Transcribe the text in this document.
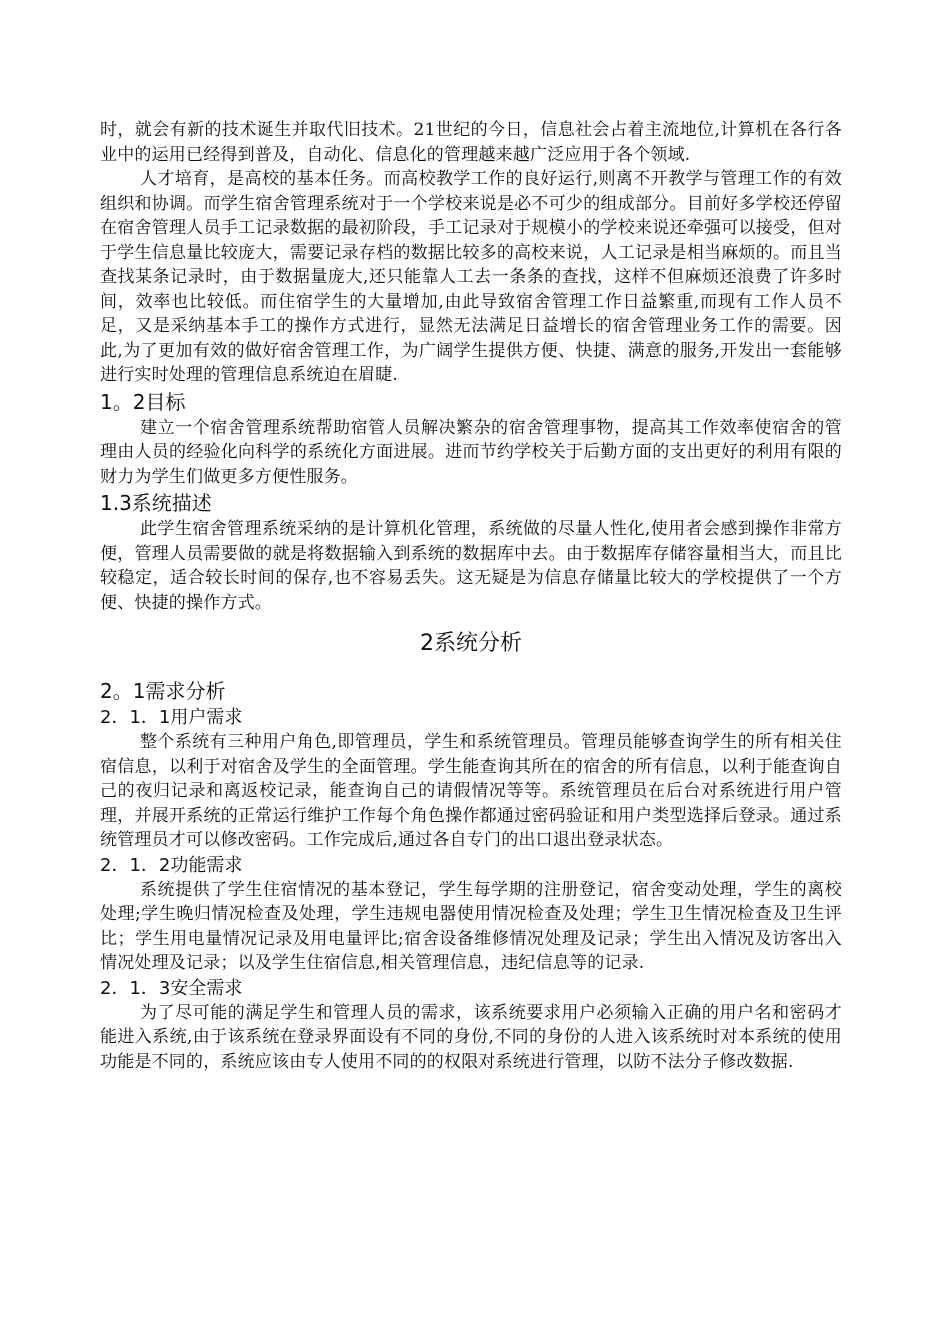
时，就会有新的技术诞生并取代旧技术。21世纪的今日，信息社会占着主流地位,计算机在各行各业中的运用已经得到普及，自动化、信息化的管理越来越广泛应用于各个领域.

人才培育，是高校的基本任务。而高校教学工作的良好运行,则离不开教学与管理工作的有效组织和协调。而学生宿舍管理系统对于一个学校来说是必不可少的组成部分。目前好多学校还停留在宿舍管理人员手工记录数据的最初阶段，手工记录对于规模小的学校来说还牵强可以接受，但对于学生信息量比较庞大，需要记录存档的数据比较多的高校来说，人工记录是相当麻烦的。而且当查找某条记录时，由于数据量庞大,还只能靠人工去一条条的查找，这样不但麻烦还浪费了许多时间，效率也比较低。而住宿学生的大量增加,由此导致宿舍管理工作日益繁重,而现有工作人员不足，又是采纳基本手工的操作方式进行，显然无法满足日益增长的宿舍管理业务工作的需要。因此,为了更加有效的做好宿舍管理工作，为广阔学生提供方便、快捷、满意的服务,开发出一套能够进行实时处理的管理信息系统迫在眉睫.

1。2目标

建立一个宿舍管理系统帮助宿管人员解决繁杂的宿舍管理事物，提高其工作效率使宿舍的管理由人员的经验化向科学的系统化方面进展。进而节约学校关于后勤方面的支出更好的利用有限的财力为学生们做更多方便性服务。

1.3系统描述

此学生宿舍管理系统采纳的是计算机化管理，系统做的尽量人性化,使用者会感到操作非常方便，管理人员需要做的就是将数据输入到系统的数据库中去。由于数据库存储容量相当大，而且比较稳定，适合较长时间的保存,也不容易丢失。这无疑是为信息存储量比较大的学校提供了一个方便、快捷的操作方式。

2系统分析
2。1需求分析
2．1．1用户需求

整个系统有三种用户角色,即管理员，学生和系统管理员。管理员能够查询学生的所有相关住宿信息，以利于对宿舍及学生的全面管理。学生能查询其所在的宿舍的所有信息，以利于能查询自己的夜归记录和离返校记录，能查询自己的请假情况等等。系统管理员在后台对系统进行用户管理，并展开系统的正常运行维护工作每个角色操作都通过密码验证和用户类型选择后登录。通过系统管理员才可以修改密码。工作完成后,通过各自专门的出口退出登录状态。

2．1．2功能需求

系统提供了学生住宿情况的基本登记，学生每学期的注册登记，宿舍变动处理，学生的离校处理;学生晚归情况检查及处理，学生违规电器使用情况检查及处理；学生卫生情况检查及卫生评比；学生用电量情况记录及用电量评比;宿舍设备维修情况处理及记录；学生出入情况及访客出入情况处理及记录；以及学生住宿信息,相关管理信息，违纪信息等的记录.

2．1．3安全需求

为了尽可能的满足学生和管理人员的需求，该系统要求用户必须输入正确的用户名和密码才能进入系统,由于该系统在登录界面设有不同的身份,不同的身份的人进入该系统时对本系统的使用功能是不同的，系统应该由专人使用不同的的权限对系统进行管理，以防不法分子修改数据.
